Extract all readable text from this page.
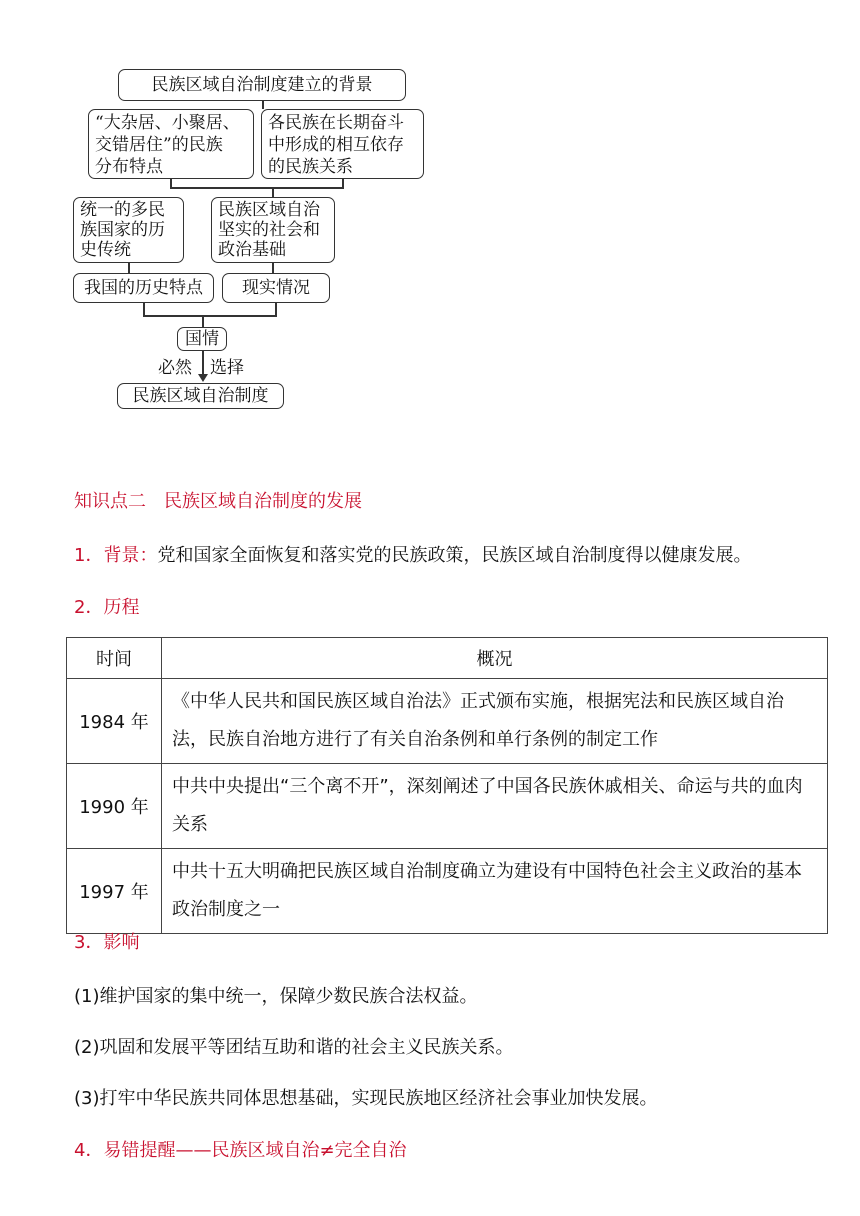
民族区域自治制度建立的背景
“大杂居、小聚居、
交错居住”的民族
分布特点
各民族在长期奋斗
中形成的相互依存
的民族关系
统一的多民
族国家的历
史传统
民族区域自治
坚实的社会和
政治基础
我国的历史特点	现实情况
国情
必然 选择
民族区域自治制度
知识点二　民族区域自治制度的发展
1．背景：党和国家全面恢复和落实党的民族政策，民族区域自治制度得以健康发展。
2．历程
时间	概况
1984 年	《中华人民共和国民族区域自治法》正式颁布实施，根据宪法和民族区域自治法，民族自治地方进行了有关自治条例和单行条例的制定工作
1990 年	中共中央提出“三个离不开”，深刻阐述了中国各民族休戚相关、命运与共的血肉关系
1997 年	中共十五大明确把民族区域自治制度确立为建设有中国特色社会主义政治的基本政治制度之一
3．影响
(1)维护国家的集中统一，保障少数民族合法权益。
(2)巩固和发展平等团结互助和谐的社会主义民族关系。
(3)打牢中华民族共同体思想基础，实现民族地区经济社会事业加快发展。
4．易错提醒——民族区域自治≠完全自治
